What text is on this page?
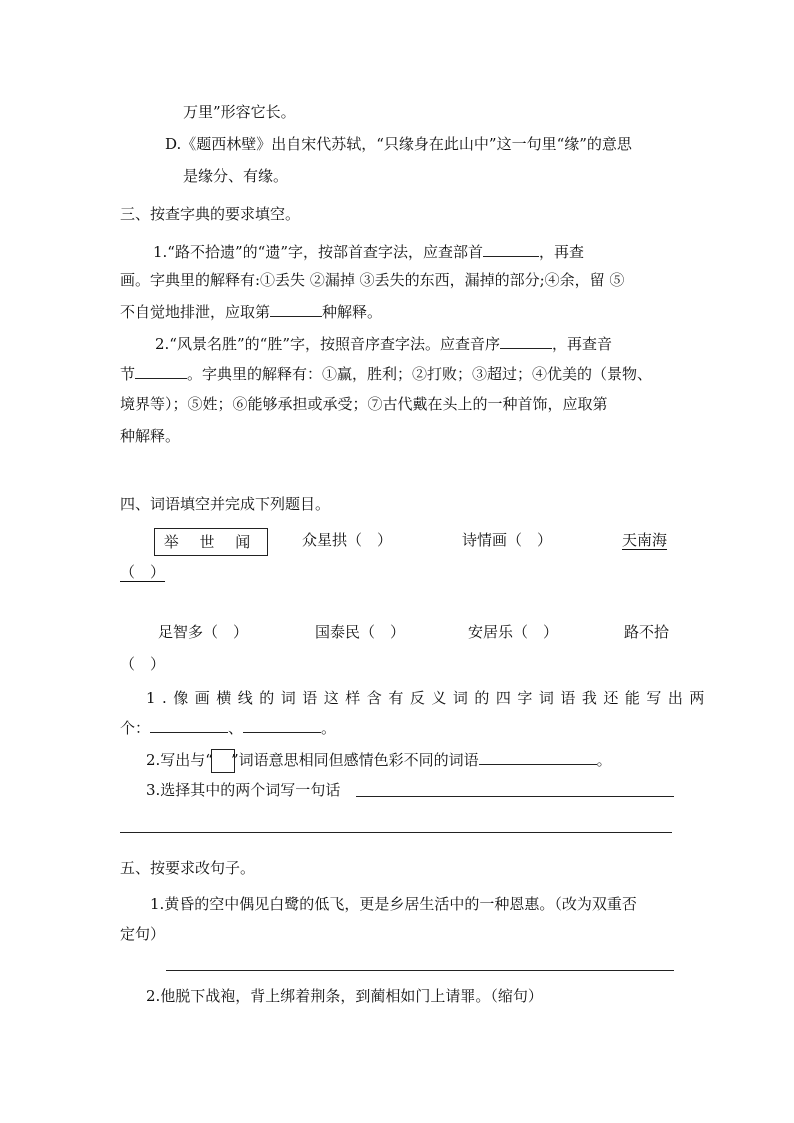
万里”形容它长。
D.《题西林壁》出自宋代苏轼，“只缘身在此山中”这一句里“缘”的意思
是缘分、有缘。
三、按查字典的要求填空。
1.“路不拾遗”的“遗”字，按部首查字法，应查部首	，再查
画。字典里的解释有:①丢失 ②漏掉 ③丢失的东西，漏掉的部分;④余，留 ⑤
不自觉地排泄，应取第	种解释。
2.“风景名胜”的“胜”字，按照音序查字法。应查音序	，再查音
节	。字典里的解释有：①赢，胜利；②打败；③超过；④优美的（景物、
境界等）；⑤姓；⑥能够承担或承受；⑦古代戴在头上的一种首饰，应取第
种解释。
四、词语填空并完成下列题目。
举 世 闻	众星拱（　）	诗情画（　）	天南海
（　）
足智多（　）	国泰民（　）	安居乐（　）	路不拾
（　）
1.像画横线的词语这样含有反义词的四字词语我还能写出两
个：	、	。
2.写出与“ ”词语意思相同但感情色彩不同的词语	。
3.选择其中的两个词写一句话
五、按要求改句子。
1.黄昏的空中偶见白鹭的低飞，更是乡居生活中的一种恩惠。（改为双重否
定句）
2.他脱下战袍，背上绑着荆条，到蔺相如门上请罪。（缩句）
